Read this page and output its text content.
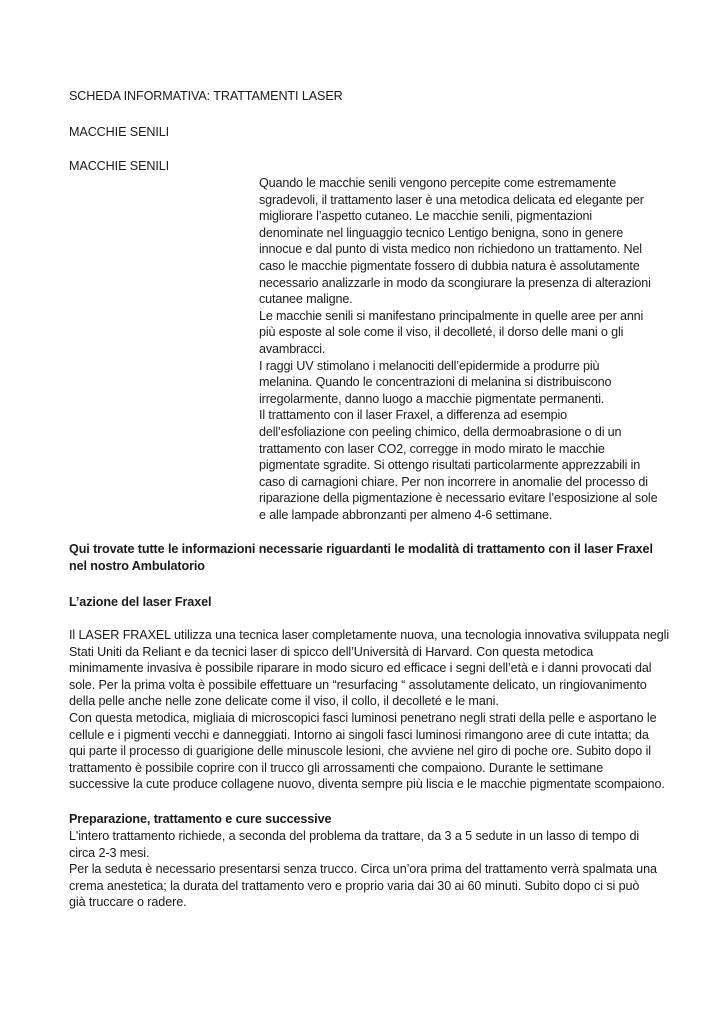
SCHEDA INFORMATIVA: TRATTAMENTI LASER
MACCHIE SENILI
MACCHIE SENILI
Quando le macchie senili vengono percepite come estremamente
sgradevoli, il trattamento laser è una metodica delicata ed elegante per
migliorare l’aspetto cutaneo. Le macchie senili, pigmentazioni
denominate nel linguaggio tecnico Lentigo benigna, sono in genere
innocue e dal punto di vista medico non richiedono un trattamento. Nel
caso le macchie pigmentate fossero di dubbia natura è assolutamente
necessario analizzarle in modo da scongiurare la presenza di alterazioni
cutanee maligne.
Le macchie senili si manifestano principalmente in quelle aree per anni
più esposte al sole come il viso, il decolleté, il dorso delle mani o gli
avambracci.
I raggi UV stimolano i melanociti dell’epidermide a produrre più
melanina. Quando le concentrazioni di melanina si distribuiscono
irregolarmente, danno luogo a macchie pigmentate permanenti.
Il trattamento con il laser Fraxel, a differenza ad esempio
dell’esfoliazione con peeling chimico, della dermoabrasione o di un
trattamento con laser CO2, corregge in modo mirato le macchie
pigmentate sgradite. Si ottengo risultati particolarmente apprezzabili in
caso di carnagioni chiare. Per non incorrere in anomalie del processo di
riparazione della pigmentazione è necessario evitare l’esposizione al sole
e alle lampade abbronzanti per almeno 4-6 settimane.
Qui trovate tutte le informazioni necessarie riguardanti le modalità di trattamento con il laser Fraxel
nel nostro Ambulatorio
L’azione del laser Fraxel
Il LASER FRAXEL utilizza una tecnica laser completamente nuova, una tecnologia innovativa sviluppata negli
Stati Uniti da Reliant e da tecnici laser di spicco dell’Università di Harvard. Con questa metodica
minimamente invasiva è possibile riparare in modo sicuro ed efficace i segni dell’età e i danni provocati dal
sole. Per la prima volta è possibile effettuare un “resurfacing “ assolutamente delicato, un ringiovanimento
della pelle anche nelle zone delicate come il viso, il collo, il decolleté e le mani.
Con questa metodica, migliaia di microscopici fasci luminosi penetrano negli strati della pelle e asportano le
cellule e i pigmenti vecchi e danneggiati. Intorno ai singoli fasci luminosi rimangono aree di cute intatta; da
qui parte il processo di guarigione delle minuscole lesioni, che avviene nel giro di poche ore. Subito dopo il
trattamento è possibile coprire con il trucco gli arrossamenti che compaiono. Durante le settimane
successive la cute produce collagene nuovo, diventa sempre più liscia e le macchie pigmentate scompaiono.
Preparazione, trattamento e cure successive
L'intero trattamento richiede, a seconda del problema da trattare, da 3 a 5 sedute in un lasso di tempo di
circa 2-3 mesi.
Per la seduta è necessario presentarsi senza trucco. Circa un’ora prima del trattamento verrà spalmata una
crema anestetica; la durata del trattamento vero e proprio varia dai 30 ai 60 minuti. Subito dopo ci si può
già truccare o radere.
